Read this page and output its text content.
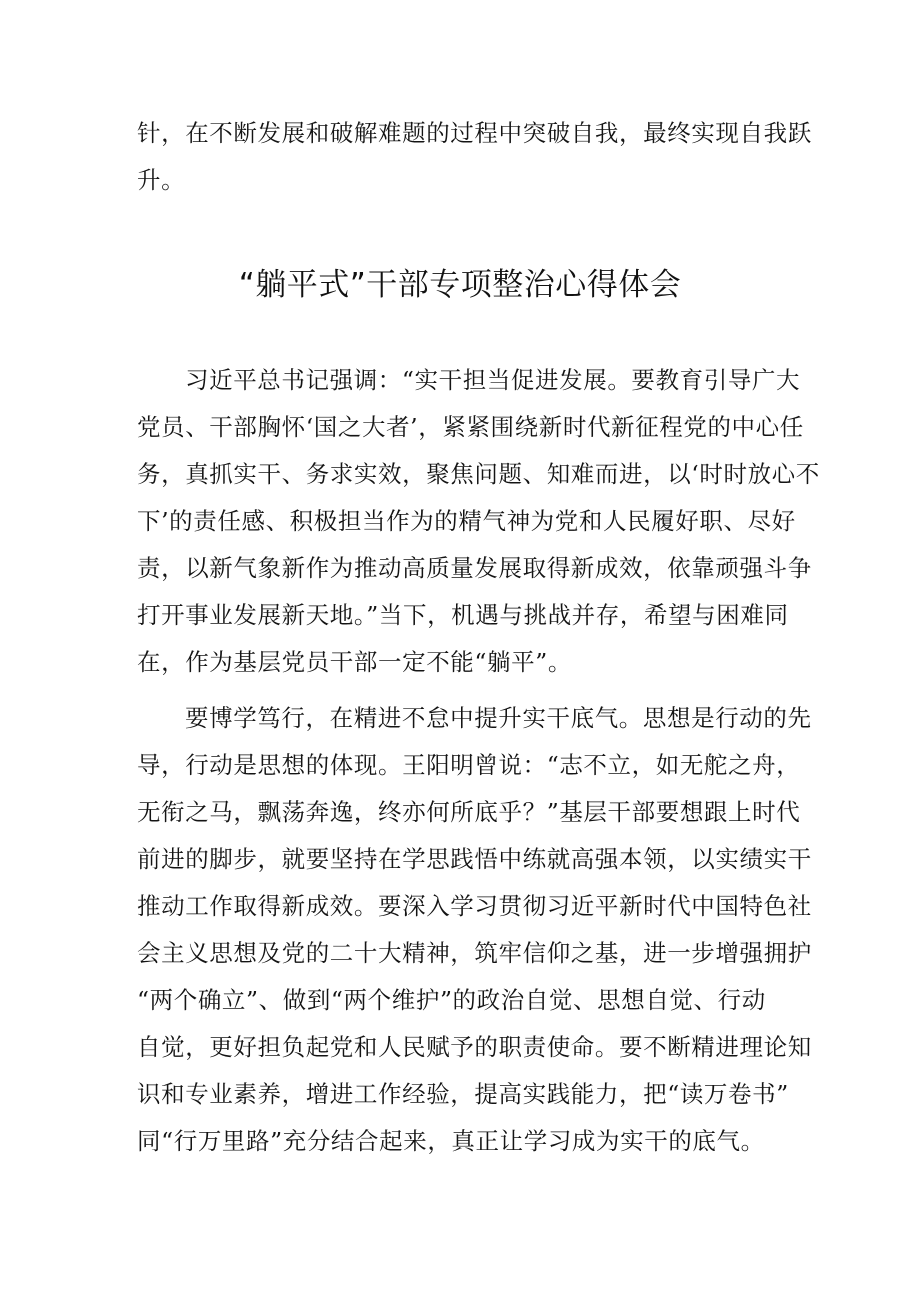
针，在不断发展和破解难题的过程中突破自我，最终实现自我跃
升。
“躺平式”干部专项整治心得体会
习近平总书记强调：“实干担当促进发展。要教育引导广大
党员、干部胸怀‘国之大者’，紧紧围绕新时代新征程党的中心任
务，真抓实干、务求实效，聚焦问题、知难而进，以‘时时放心不
下’的责任感、积极担当作为的精气神为党和人民履好职、尽好
责，以新气象新作为推动高质量发展取得新成效，依靠顽强斗争
打开事业发展新天地。”当下，机遇与挑战并存，希望与困难同
在，作为基层党员干部一定不能“躺平”。
要博学笃行，在精进不怠中提升实干底气。思想是行动的先
导，行动是思想的体现。王阳明曾说：“志不立，如无舵之舟，
无衔之马，飘荡奔逸，终亦何所底乎？”基层干部要想跟上时代
前进的脚步，就要坚持在学思践悟中练就高强本领，以实绩实干
推动工作取得新成效。要深入学习贯彻习近平新时代中国特色社
会主义思想及党的二十大精神，筑牢信仰之基，进一步增强拥护
“两个确立”、做到“两个维护”的政治自觉、思想自觉、行动
自觉，更好担负起党和人民赋予的职责使命。要不断精进理论知
识和专业素养，增进工作经验，提高实践能力，把“读万卷书”
同“行万里路”充分结合起来，真正让学习成为实干的底气。
